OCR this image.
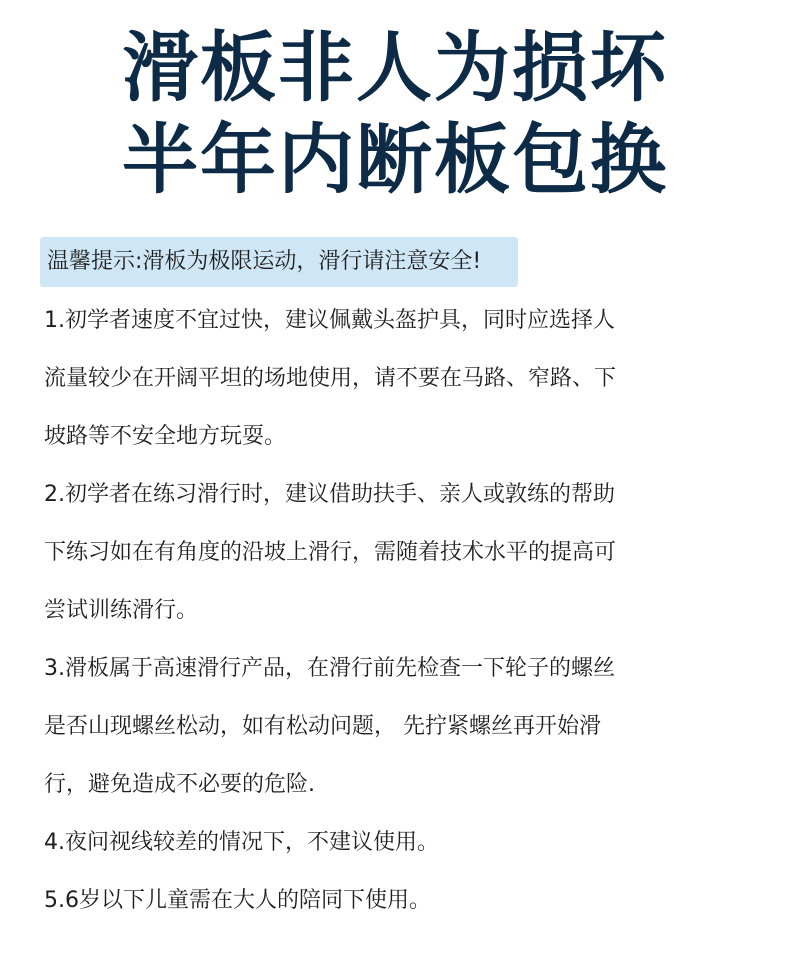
滑板非人为损坏
半年内断板包换
温馨提示:滑板为极限运动，滑行请注意安全!
1.初学者速度不宜过快，建议佩戴头盔护具，同时应选择人
流量较少在开阔平坦的场地使用，请不要在马路、窄路、下
坡路等不安全地方玩耍。
2.初学者在练习滑行时，建议借助扶手、亲人或敦练的帮助
下练习如在有角度的沿坡上滑行，需随着技术水平的提高可
尝试训练滑行。
3.滑板属于高速滑行产品，在滑行前先检查一下轮子的螺丝
是否山现螺丝松动，如有松动问题， 先拧紧螺丝再开始滑
行，避免造成不必要的危险.
4.夜问视线较差的情况下，不建议使用。
5.6岁以下儿童需在大人的陪同下使用。
